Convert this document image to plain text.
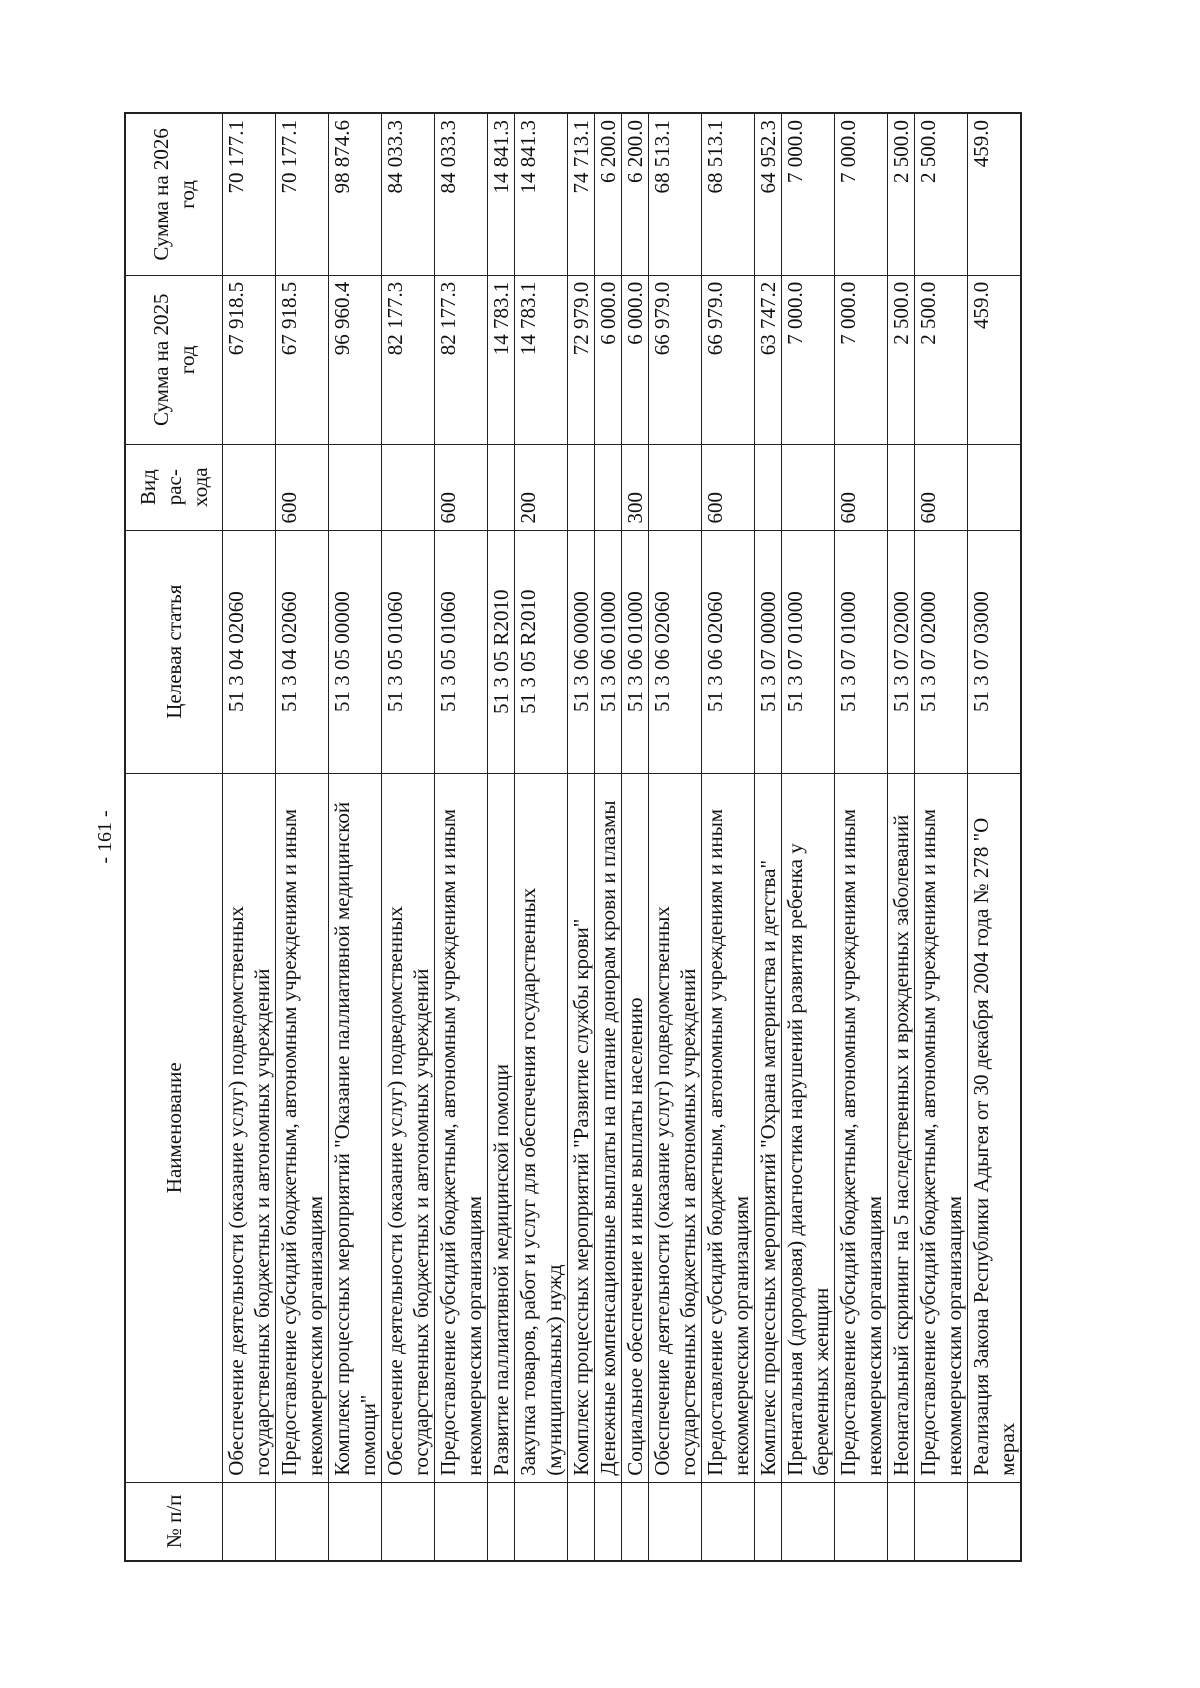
- 161 -
№ п/п	Наименование	Целевая статья	Вид рас- хода	Сумма на 2025 год	Сумма на 2026 год
	Обеспечение деятельности (оказание услуг) подведомственных государственных бюджетных и автономных учреждений	51 3 04 02060		67 918.5	70 177.1
	Предоставление субсидий бюджетным, автономным учреждениям и иным некоммерческим организациям	51 3 04 02060	600	67 918.5	70 177.1
	Комплекс процессных мероприятий "Оказание паллиативной медицинской помощи"	51 3 05 00000		96 960.4	98 874.6
	Обеспечение деятельности (оказание услуг) подведомственных государственных бюджетных и автономных учреждений	51 3 05 01060		82 177.3	84 033.3
	Предоставление субсидий бюджетным, автономным учреждениям и иным некоммерческим организациям	51 3 05 01060	600	82 177.3	84 033.3
	Развитие паллиативной медицинской помощи	51 3 05 R2010		14 783.1	14 841.3
	Закупка товаров, работ и услуг для обеспечения государственных (муниципальных) нужд	51 3 05 R2010	200	14 783.1	14 841.3
	Комплекс процессных мероприятий "Развитие службы крови"	51 3 06 00000		72 979.0	74 713.1
	Денежные компенсационные выплаты на питание донорам крови и плазмы	51 3 06 01000		6 000.0	6 200.0
	Социальное обеспечение и иные выплаты населению	51 3 06 01000	300	6 000.0	6 200.0
	Обеспечение деятельности (оказание услуг) подведомственных государственных бюджетных и автономных учреждений	51 3 06 02060		66 979.0	68 513.1
	Предоставление субсидий бюджетным, автономным учреждениям и иным некоммерческим организациям	51 3 06 02060	600	66 979.0	68 513.1
	Комплекс процессных мероприятий "Охрана материнства и детства"	51 3 07 00000		63 747.2	64 952.3
	Пренатальная (дородовая) диагностика нарушений развития ребенка у беременных женщин	51 3 07 01000		7 000.0	7 000.0
	Предоставление субсидий бюджетным, автономным учреждениям и иным некоммерческим организациям	51 3 07 01000	600	7 000.0	7 000.0
	Неонатальный скрининг на 5 наследственных и врожденных заболеваний	51 3 07 02000		2 500.0	2 500.0
	Предоставление субсидий бюджетным, автономным учреждениям и иным некоммерческим организациям	51 3 07 02000	600	2 500.0	2 500.0
	Реализация Закона Республики Адыгея от 30 декабря 2004 года № 278 "О мерах	51 3 07 03000		459.0	459.0
